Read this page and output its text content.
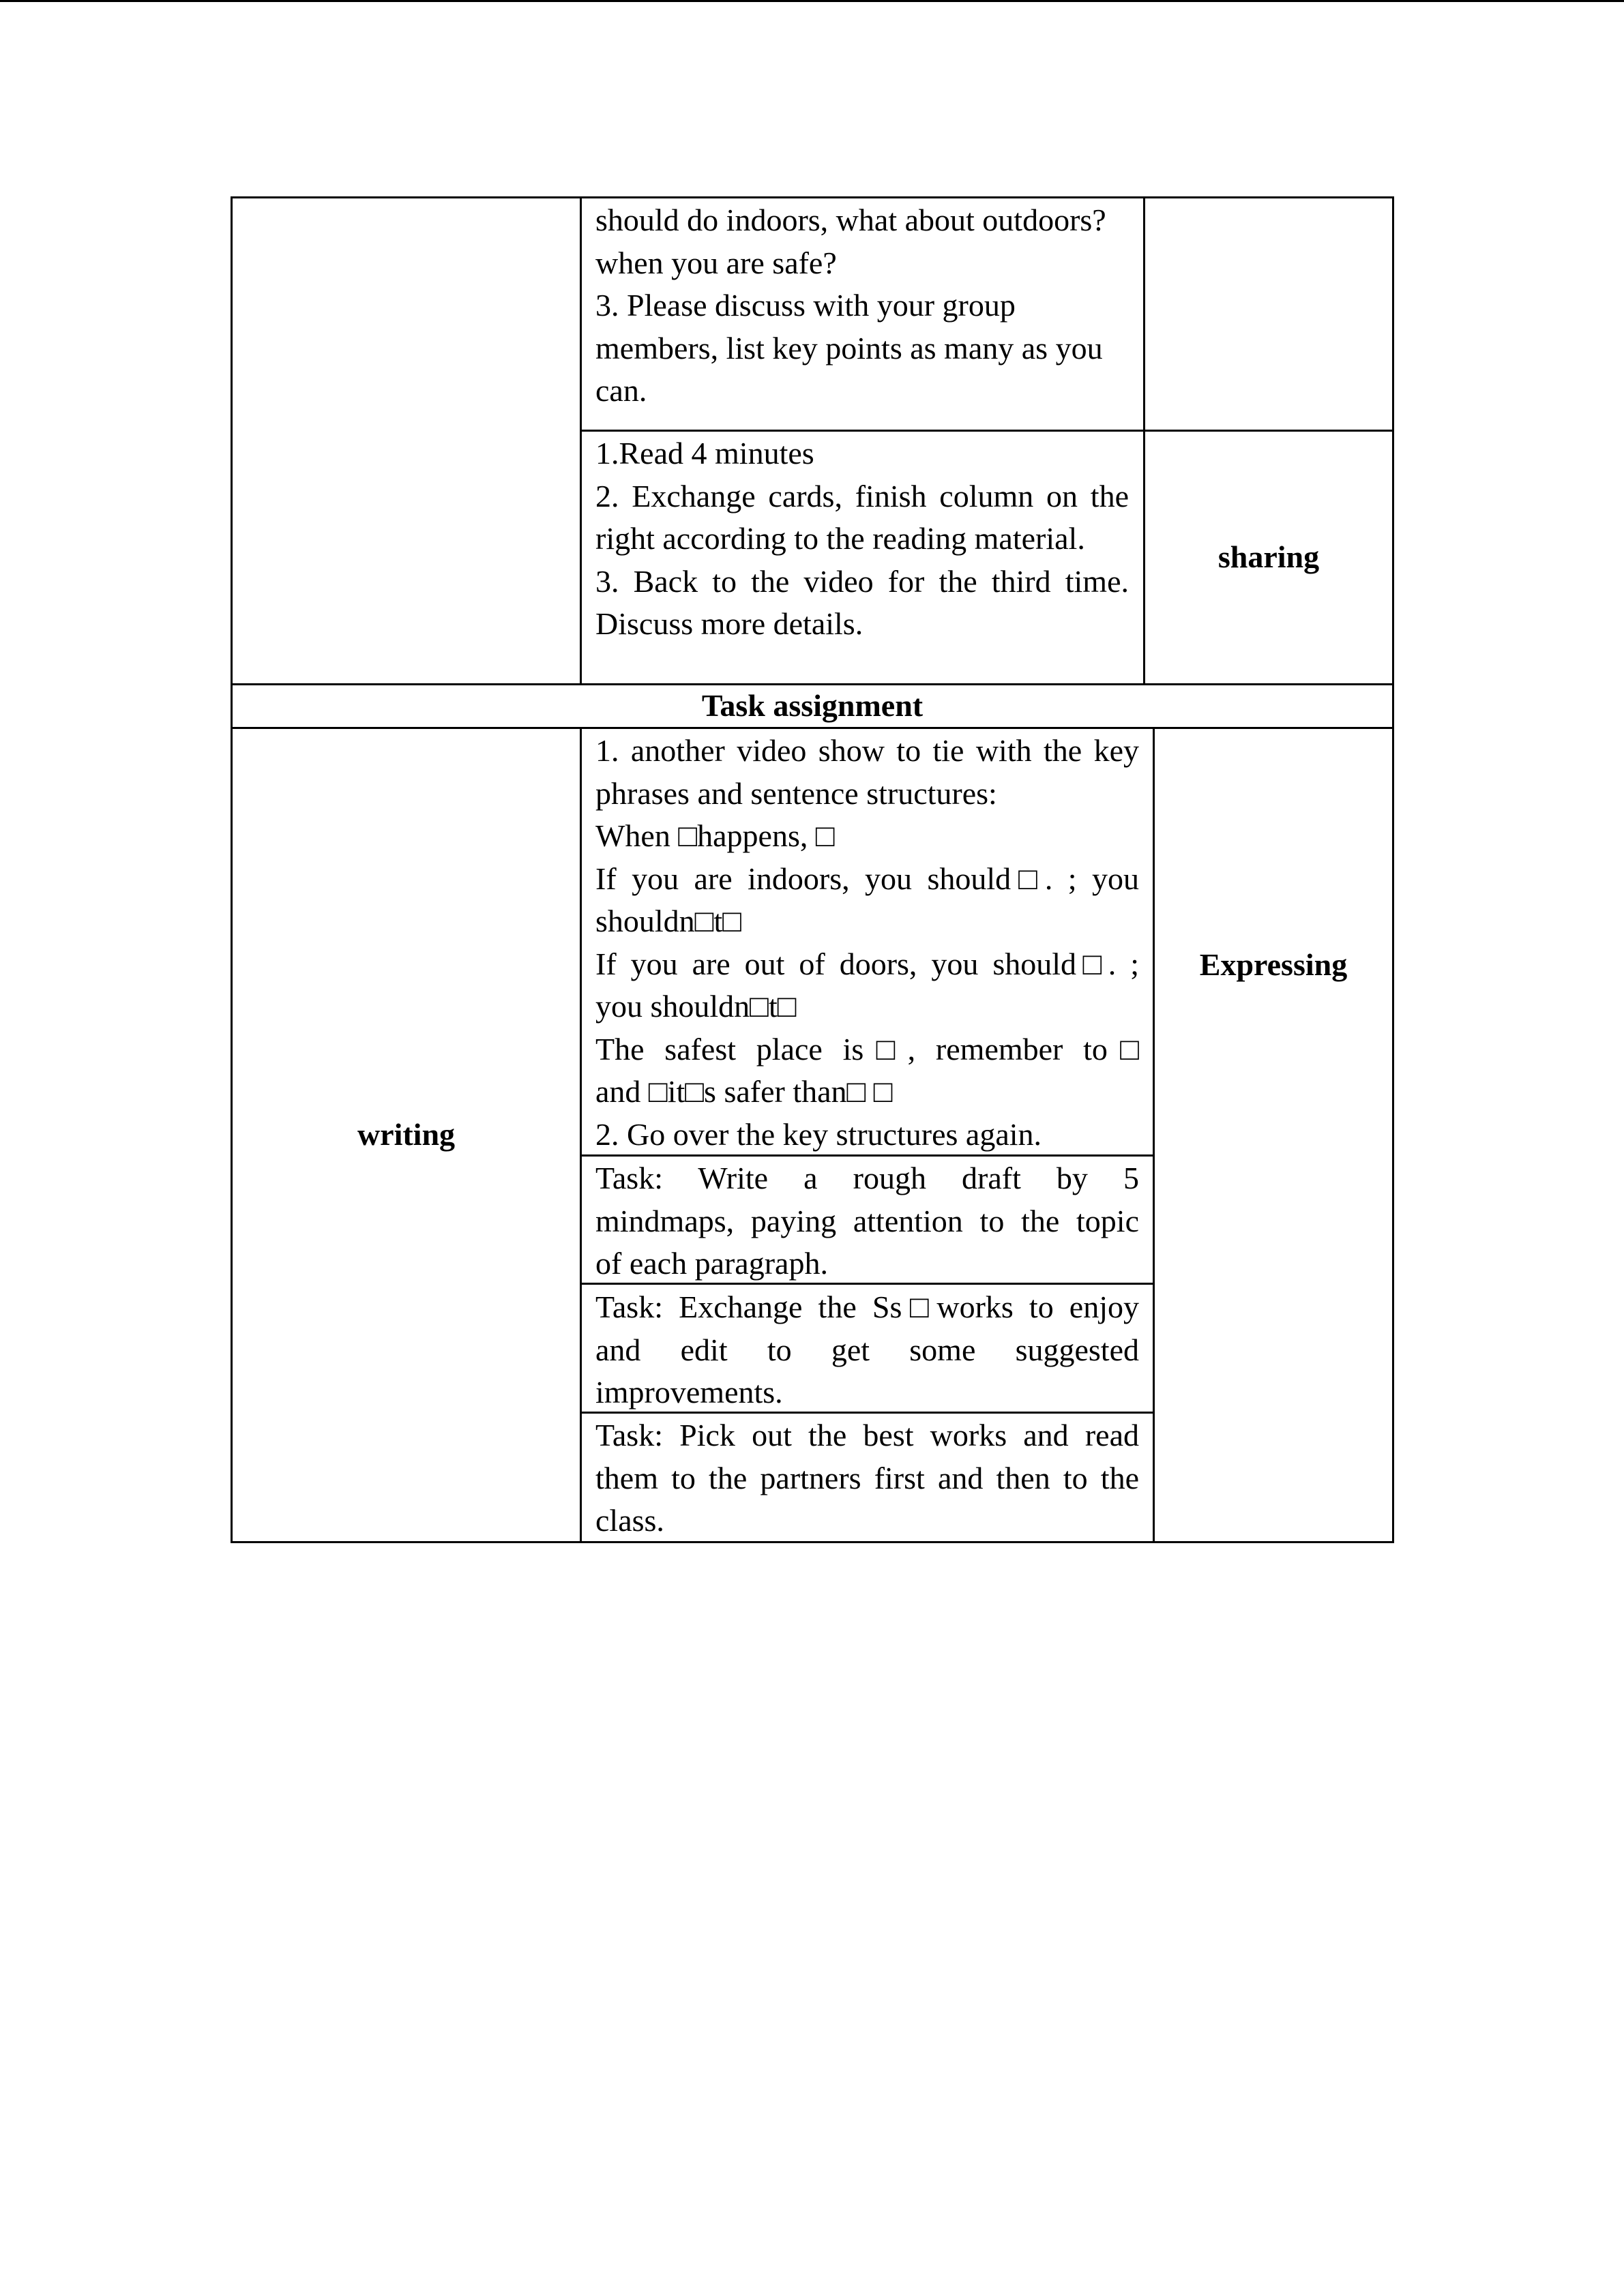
should do indoors, what about outdoors?

when you are safe?

3. Please discuss with your group

members, list key points as many as you

can.

1.Read 4 minutes

2. Exchange cards, finish column on the

right according to the reading material.

3. Back to the video for the third time.

Discuss more details.

sharing
Task assignment
writing
Expressing

1. another video show to tie with the key

phrases and sentence structures:

When □happens, □

If you are indoors, you should□. ; you

shouldn□t□

If you are out of doors, you should□. ;

you shouldn□t□

The safest place is□, remember to□

and □it□s safer than□ □

2. Go over the key structures again.

Task: Write a rough draft by 5

mindmaps, paying attention to the topic

of each paragraph.

Task: Exchange the Ss□works to enjoy

and edit to get some suggested

improvements.

Task: Pick out the best works and read

them to the partners first and then to the

class.
